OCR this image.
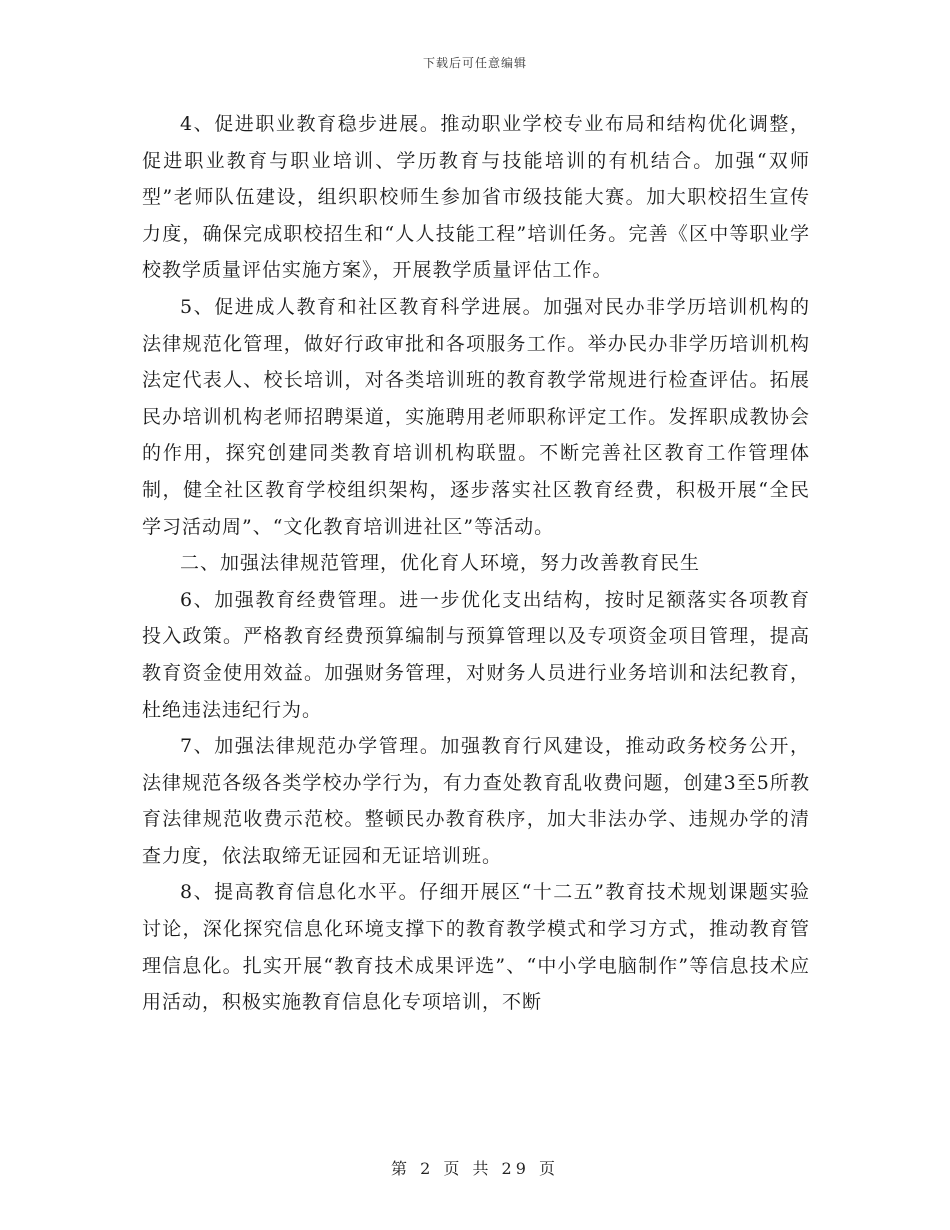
下载后可任意编辑

4、促进职业教育稳步进展。推动职业学校专业布局和结构优化调整，促进职业教育与职业培训、学历教育与技能培训的有机结合。加强“双师型”老师队伍建设，组织职校师生参加省市级技能大赛。加大职校招生宣传力度，确保完成职校招生和“人人技能工程”培训任务。完善《区中等职业学校教学质量评估实施方案》，开展教学质量评估工作。

5、促进成人教育和社区教育科学进展。加强对民办非学历培训机构的法律规范化管理，做好行政审批和各项服务工作。举办民办非学历培训机构法定代表人、校长培训，对各类培训班的教育教学常规进行检查评估。拓展民办培训机构老师招聘渠道，实施聘用老师职称评定工作。发挥职成教协会的作用，探究创建同类教育培训机构联盟。不断完善社区教育工作管理体制，健全社区教育学校组织架构，逐步落实社区教育经费，积极开展“全民学习活动周”、“文化教育培训进社区”等活动。

二、加强法律规范管理，优化育人环境，努力改善教育民生

6、加强教育经费管理。进一步优化支出结构，按时足额落实各项教育投入政策。严格教育经费预算编制与预算管理以及专项资金项目管理，提高教育资金使用效益。加强财务管理，对财务人员进行业务培训和法纪教育，杜绝违法违纪行为。

7、加强法律规范办学管理。加强教育行风建设，推动政务校务公开，法律规范各级各类学校办学行为，有力查处教育乱收费问题，创建3至5所教育法律规范收费示范校。整顿民办教育秩序，加大非法办学、违规办学的清查力度，依法取缔无证园和无证培训班。

8、提高教育信息化水平。仔细开展区“十二五”教育技术规划课题实验讨论，深化探究信息化环境支撑下的教育教学模式和学习方式，推动教育管理信息化。扎实开展“教育技术成果评选”、“中小学电脑制作”等信息技术应用活动，积极实施教育信息化专项培训，不断

第 2 页 共 29 页
